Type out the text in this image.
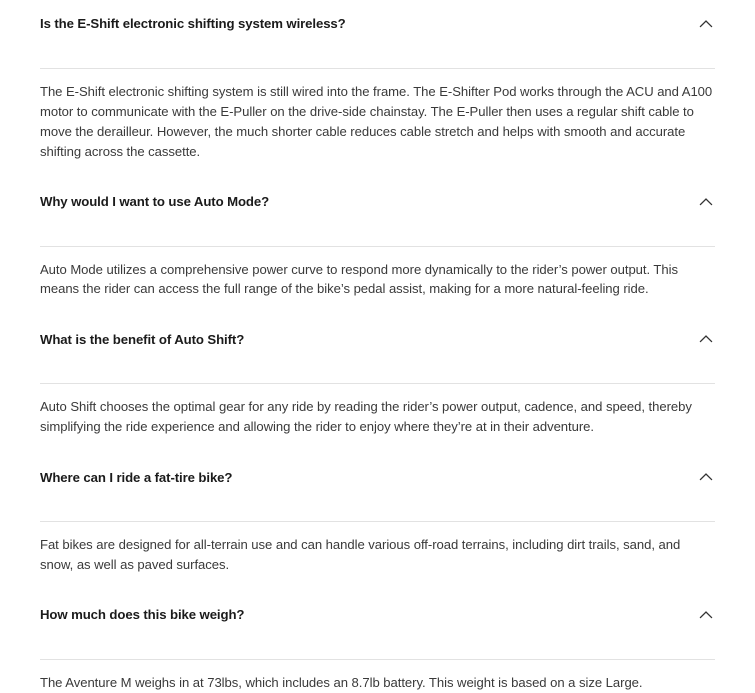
Is the E-Shift electronic shifting system wireless?

The E-Shift electronic shifting system is still wired into the frame. The E-Shifter Pod works through the ACU and A100 motor to communicate with the E-Puller on the drive-side chainstay. The E-Puller then uses a regular shift cable to move the derailleur. However, the much shorter cable reduces cable stretch and helps with smooth and accurate shifting across the cassette.

Why would I want to use Auto Mode?

Auto Mode utilizes a comprehensive power curve to respond more dynamically to the rider’s power output. This means the rider can access the full range of the bike’s pedal assist, making for a more natural-feeling ride.

What is the benefit of Auto Shift?

Auto Shift chooses the optimal gear for any ride by reading the rider’s power output, cadence, and speed, thereby simplifying the ride experience and allowing the rider to enjoy where they’re at in their adventure.

Where can I ride a fat-tire bike?

Fat bikes are designed for all-terrain use and can handle various off-road terrains, including dirt trails, sand, and snow, as well as paved surfaces.

How much does this bike weigh?

The Aventure M weighs in at 73lbs, which includes an 8.7lb battery. This weight is based on a size Large.
